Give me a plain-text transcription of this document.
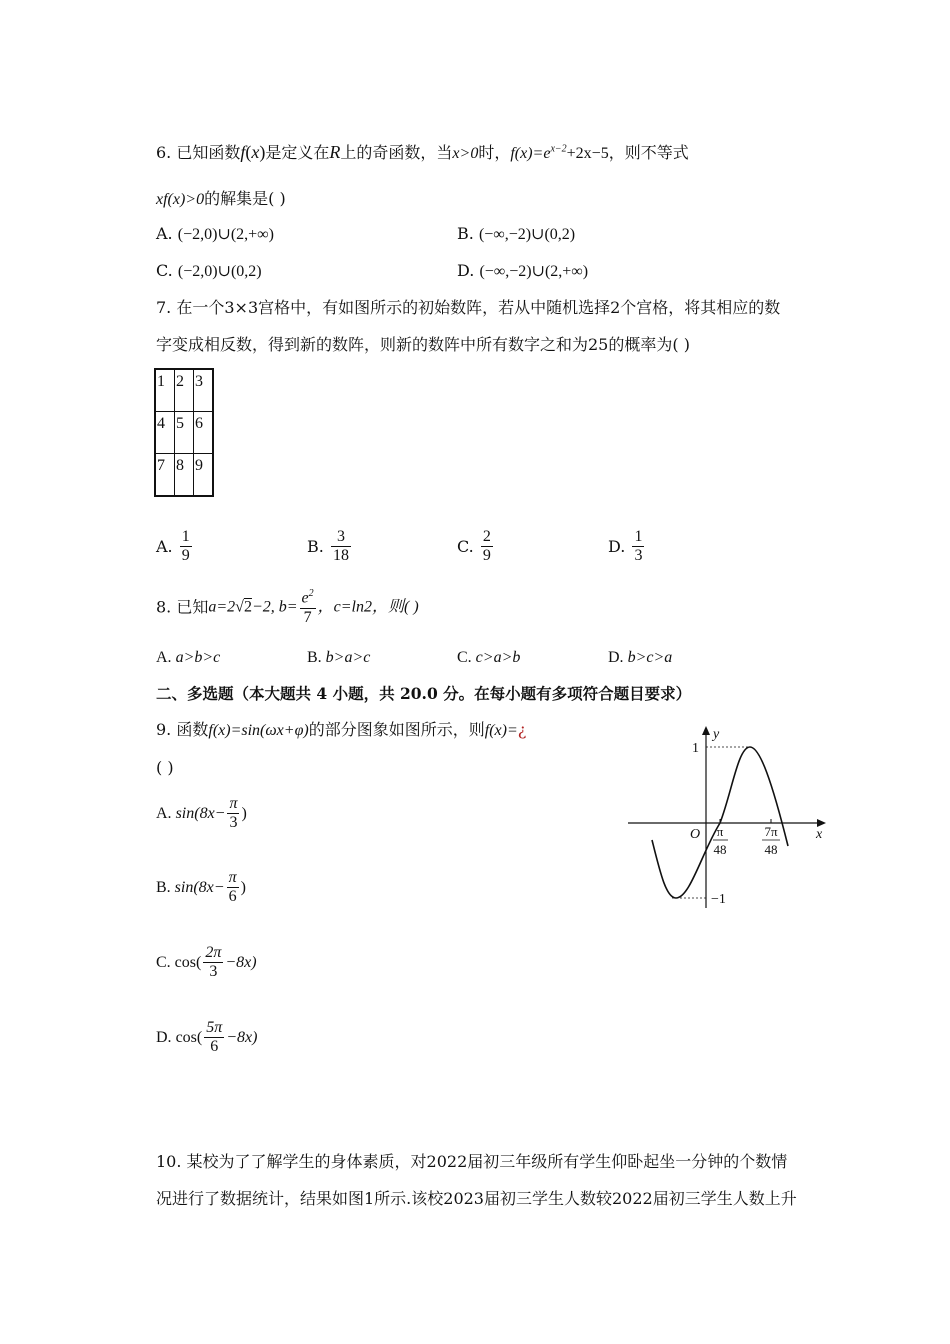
6. 已知函数f(x)是定义在R上的奇函数，当x>0时，$f(x)=e^{x-2}+2x-5$，则不等式
xf(x)>0的解集是( )
A. (−2,0)∪(2,+∞)	B. (−∞,−2)∪(0,2)
C. (−2,0)∪(0,2)	D. (−∞,−2)∪(2,+∞)
7. 在一个3×3宫格中，有如图所示的初始数阵，若从中随机选择2个宫格，将其相应的数
字变成相反数，得到新的数阵，则新的数阵中所有数字之和为25的概率为( )
1	2	3
4	5	6
7	8	9
A. $\frac{1}{9}$	B. $\frac{3}{18}$	C. $\frac{2}{9}$	D. $\frac{1}{3}$
8. 已知a=2√2−2, $b= \frac{e^2}{7}$ ，c=ln2，则( )
A. a>b>c	B. b>a>c	C. c>a>b	D. b>c>a
二、多选题（本大题共 4 小题，共 20.0 分。在每小题有多项符合题目要求）
9. 函数f(x)=sin(ωx+φ)的部分图象如图所示，则f(x)=¿
( )
A. $\sin(8x- \frac{\pi}{3}$ )
B. $\sin(8x- \frac{\pi}{6}$ )
C. $\cos( \frac{2\pi}{3} -8x)$
D. $\cos( \frac{5\pi}{6} -8x)$
y
x
O
1
−1
π
48
7π
48
10. 某校为了了解学生的身体素质，对2022届初三年级所有学生仰卧起坐一分钟的个数情
况进行了数据统计，结果如图1所示.该校2023届初三学生人数较2022届初三学生人数上升
